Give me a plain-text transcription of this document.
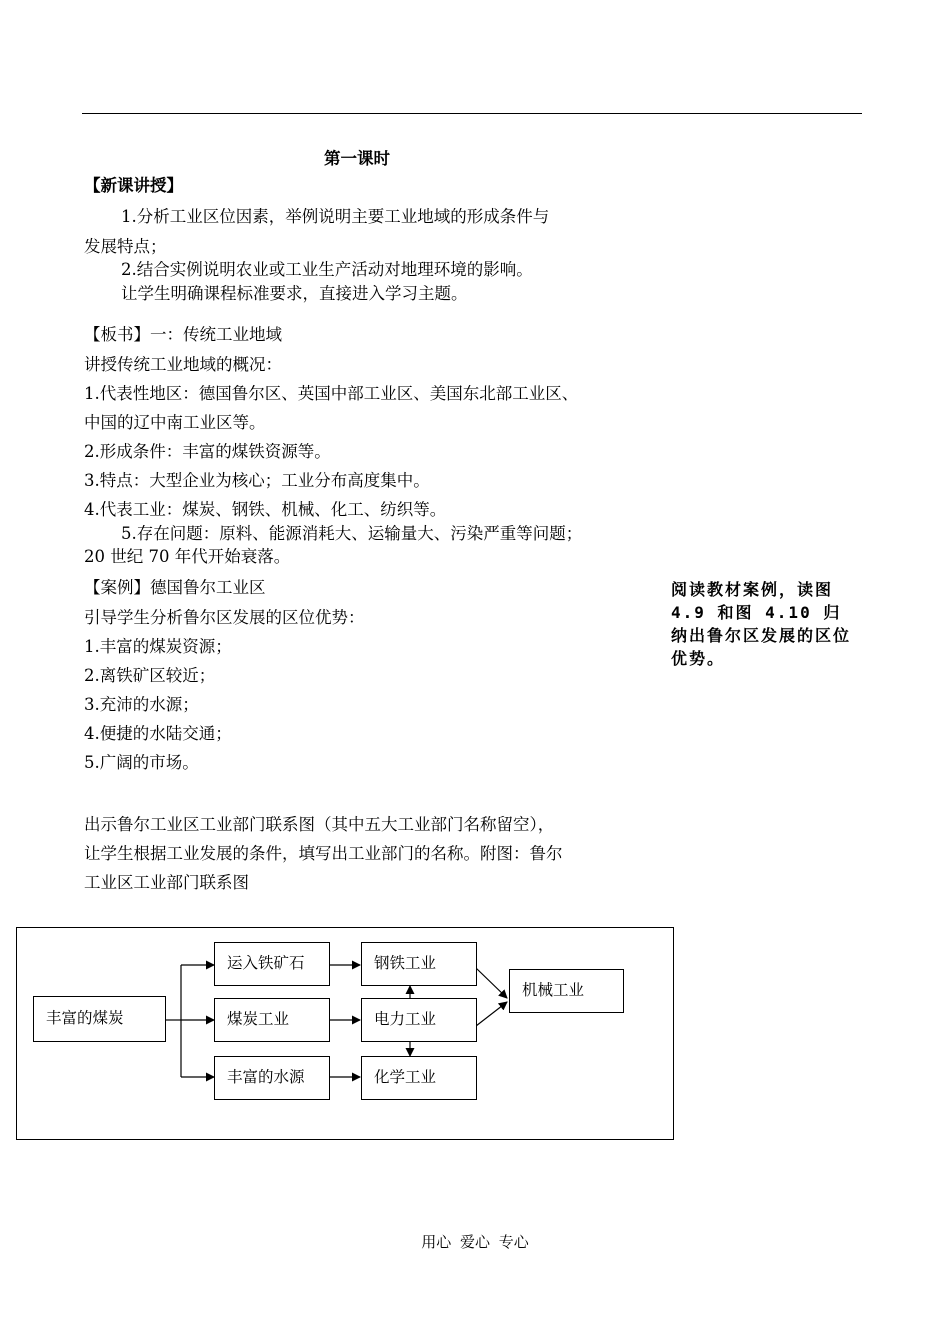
第一课时
【新课讲授】
1.分析工业区位因素，举例说明主要工业地域的形成条件与
发展特点；
2.结合实例说明农业或工业生产活动对地理环境的影响。
让学生明确课程标准要求，直接进入学习主题。
【板书】一：传统工业地域
讲授传统工业地域的概况：
1.代表性地区：德国鲁尔区、英国中部工业区、美国东北部工业区、
中国的辽中南工业区等。
2.形成条件：丰富的煤铁资源等。
3.特点：大型企业为核心；工业分布高度集中。
4.代表工业：煤炭、钢铁、机械、化工、纺织等。
5.存在问题：原料、能源消耗大、运输量大、污染严重等问题；
20 世纪 70 年代开始衰落。
【案例】德国鲁尔工业区
引导学生分析鲁尔区发展的区位优势：
1.丰富的煤炭资源；
2.离铁矿区较近；
3.充沛的水源；
4.便捷的水陆交通；
5.广阔的市场。
阅读教材案例，读图 4.9 和图 4.10 归纳出鲁尔区发展的区位优势。
出示鲁尔工业区工业部门联系图（其中五大工业部门名称留空），
让学生根据工业发展的条件，填写出工业部门的名称。附图：鲁尔
工业区工业部门联系图
丰富的煤炭
运入铁矿石
煤炭工业
丰富的水源
钢铁工业
电力工业
化学工业
机械工业
用心 爱心 专心
